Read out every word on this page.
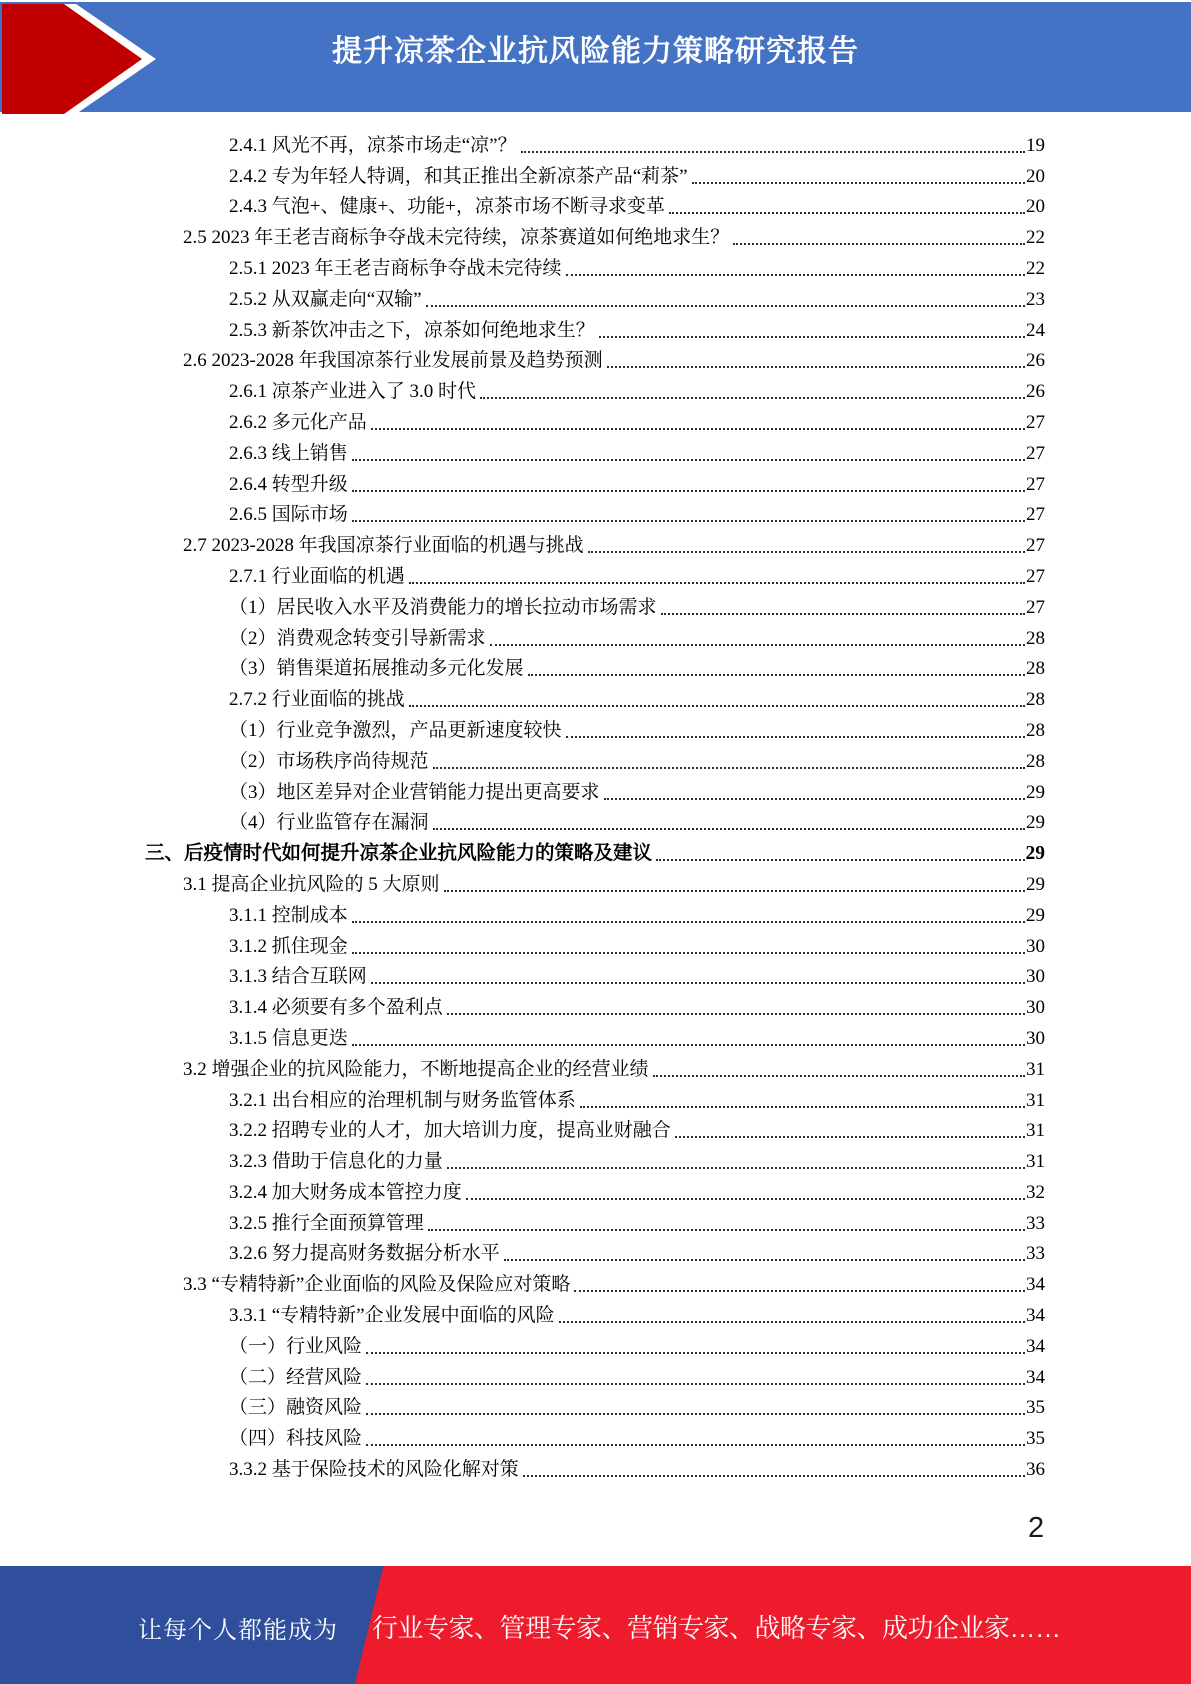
提升凉茶企业抗风险能力策略研究报告
2.4.1 风光不再，凉茶市场走“凉”？	19
2.4.2 专为年轻人特调，和其正推出全新凉茶产品“莉茶”	20
2.4.3 气泡+、健康+、功能+，凉茶市场不断寻求变革	20
2.5 2023 年王老吉商标争夺战未完待续，凉茶赛道如何绝地求生？	22
2.5.1 2023 年王老吉商标争夺战未完待续	22
2.5.2 从双赢走向“双输”	23
2.5.3 新茶饮冲击之下，凉茶如何绝地求生？	24
2.6 2023-2028 年我国凉茶行业发展前景及趋势预测	26
2.6.1 凉茶产业进入了 3.0 时代	26
2.6.2 多元化产品	27
2.6.3 线上销售	27
2.6.4 转型升级	27
2.6.5 国际市场	27
2.7 2023-2028 年我国凉茶行业面临的机遇与挑战	27
2.7.1 行业面临的机遇	27
（1）居民收入水平及消费能力的增长拉动市场需求	27
（2）消费观念转变引导新需求	28
（3）销售渠道拓展推动多元化发展	28
2.7.2 行业面临的挑战	28
（1）行业竞争激烈，产品更新速度较快	28
（2）市场秩序尚待规范	28
（3）地区差异对企业营销能力提出更高要求	29
（4）行业监管存在漏洞	29
三、后疫情时代如何提升凉茶企业抗风险能力的策略及建议	29
3.1 提高企业抗风险的 5 大原则	29
3.1.1 控制成本	29
3.1.2 抓住现金	30
3.1.3 结合互联网	30
3.1.4 必须要有多个盈利点	30
3.1.5 信息更迭	30
3.2 增强企业的抗风险能力，不断地提高企业的经营业绩	31
3.2.1 出台相应的治理机制与财务监管体系	31
3.2.2 招聘专业的人才，加大培训力度，提高业财融合	31
3.2.3 借助于信息化的力量	31
3.2.4 加大财务成本管控力度	32
3.2.5 推行全面预算管理	33
3.2.6 努力提高财务数据分析水平	33
3.3 “专精特新”企业面临的风险及保险应对策略	34
3.3.1 “专精特新”企业发展中面临的风险	34
（一）行业风险	34
（二）经营风险	34
（三）融资风险	35
（四）科技风险	35
3.3.2 基于保险技术的风险化解对策	36
2
让每个人都能成为 行业专家、管理专家、营销专家、战略专家、成功企业家……
